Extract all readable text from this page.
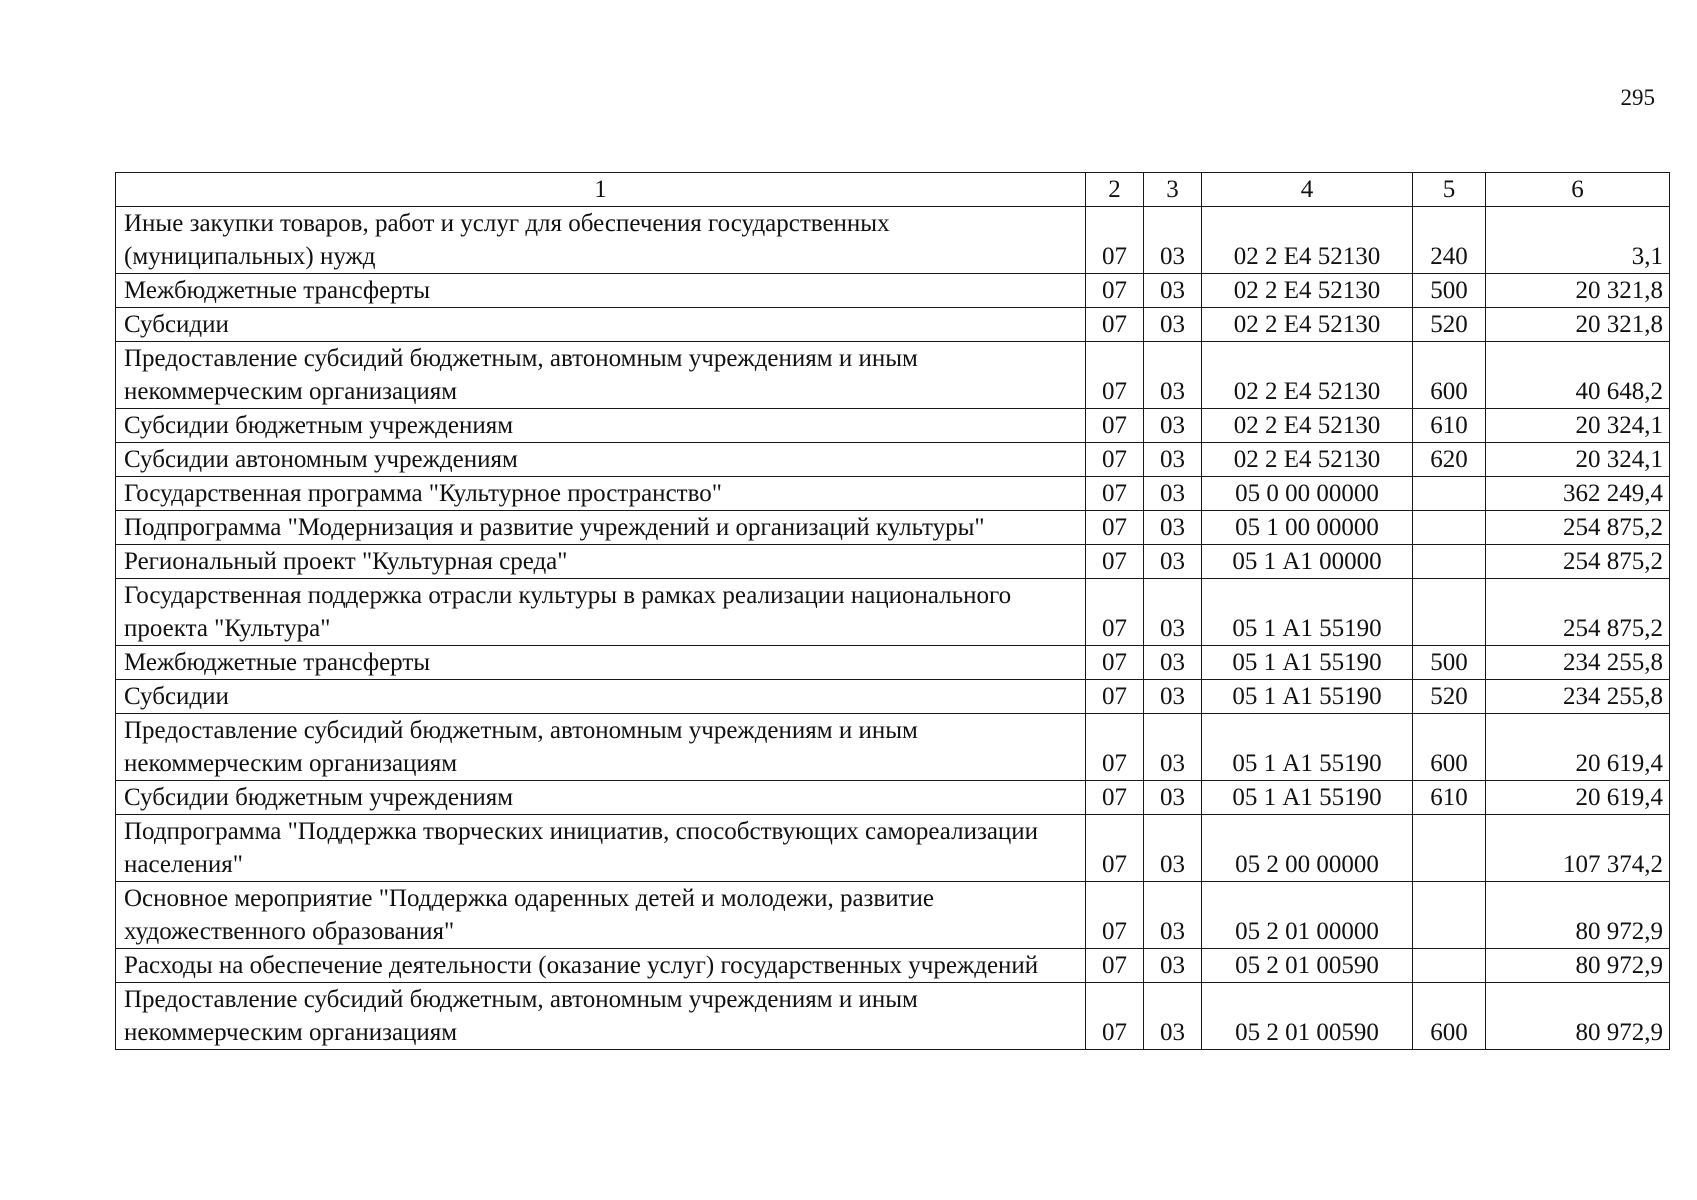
295
1	2	3	4	5	6
Иные закупки товаров, работ и услуг для обеспечения государственных (муниципальных) нужд	07	03	02 2 Е4 52130	240	3,1
Межбюджетные трансферты	07	03	02 2 Е4 52130	500	20 321,8
Субсидии	07	03	02 2 Е4 52130	520	20 321,8
Предоставление субсидий бюджетным, автономным учреждениям и иным некоммерческим организациям	07	03	02 2 Е4 52130	600	40 648,2
Субсидии бюджетным учреждениям	07	03	02 2 Е4 52130	610	20 324,1
Субсидии автономным учреждениям	07	03	02 2 Е4 52130	620	20 324,1
Государственная программа "Культурное пространство"	07	03	05 0 00 00000		362 249,4
Подпрограмма "Модернизация и развитие учреждений и организаций культуры"	07	03	05 1 00 00000		254 875,2
Региональный проект "Культурная среда"	07	03	05 1 А1 00000		254 875,2
Государственная поддержка отрасли культуры в рамках реализации национального проекта "Культура"	07	03	05 1 А1 55190		254 875,2
Межбюджетные трансферты	07	03	05 1 А1 55190	500	234 255,8
Субсидии	07	03	05 1 А1 55190	520	234 255,8
Предоставление субсидий бюджетным, автономным учреждениям и иным некоммерческим организациям	07	03	05 1 А1 55190	600	20 619,4
Субсидии бюджетным учреждениям	07	03	05 1 А1 55190	610	20 619,4
Подпрограмма "Поддержка творческих инициатив, способствующих самореализации населения"	07	03	05 2 00 00000		107 374,2
Основное мероприятие "Поддержка одаренных детей и молодежи, развитие художественного образования"	07	03	05 2 01 00000		80 972,9
Расходы на обеспечение деятельности (оказание услуг) государственных учреждений	07	03	05 2 01 00590		80 972,9
Предоставление субсидий бюджетным, автономным учреждениям и иным некоммерческим организациям	07	03	05 2 01 00590	600	80 972,9
